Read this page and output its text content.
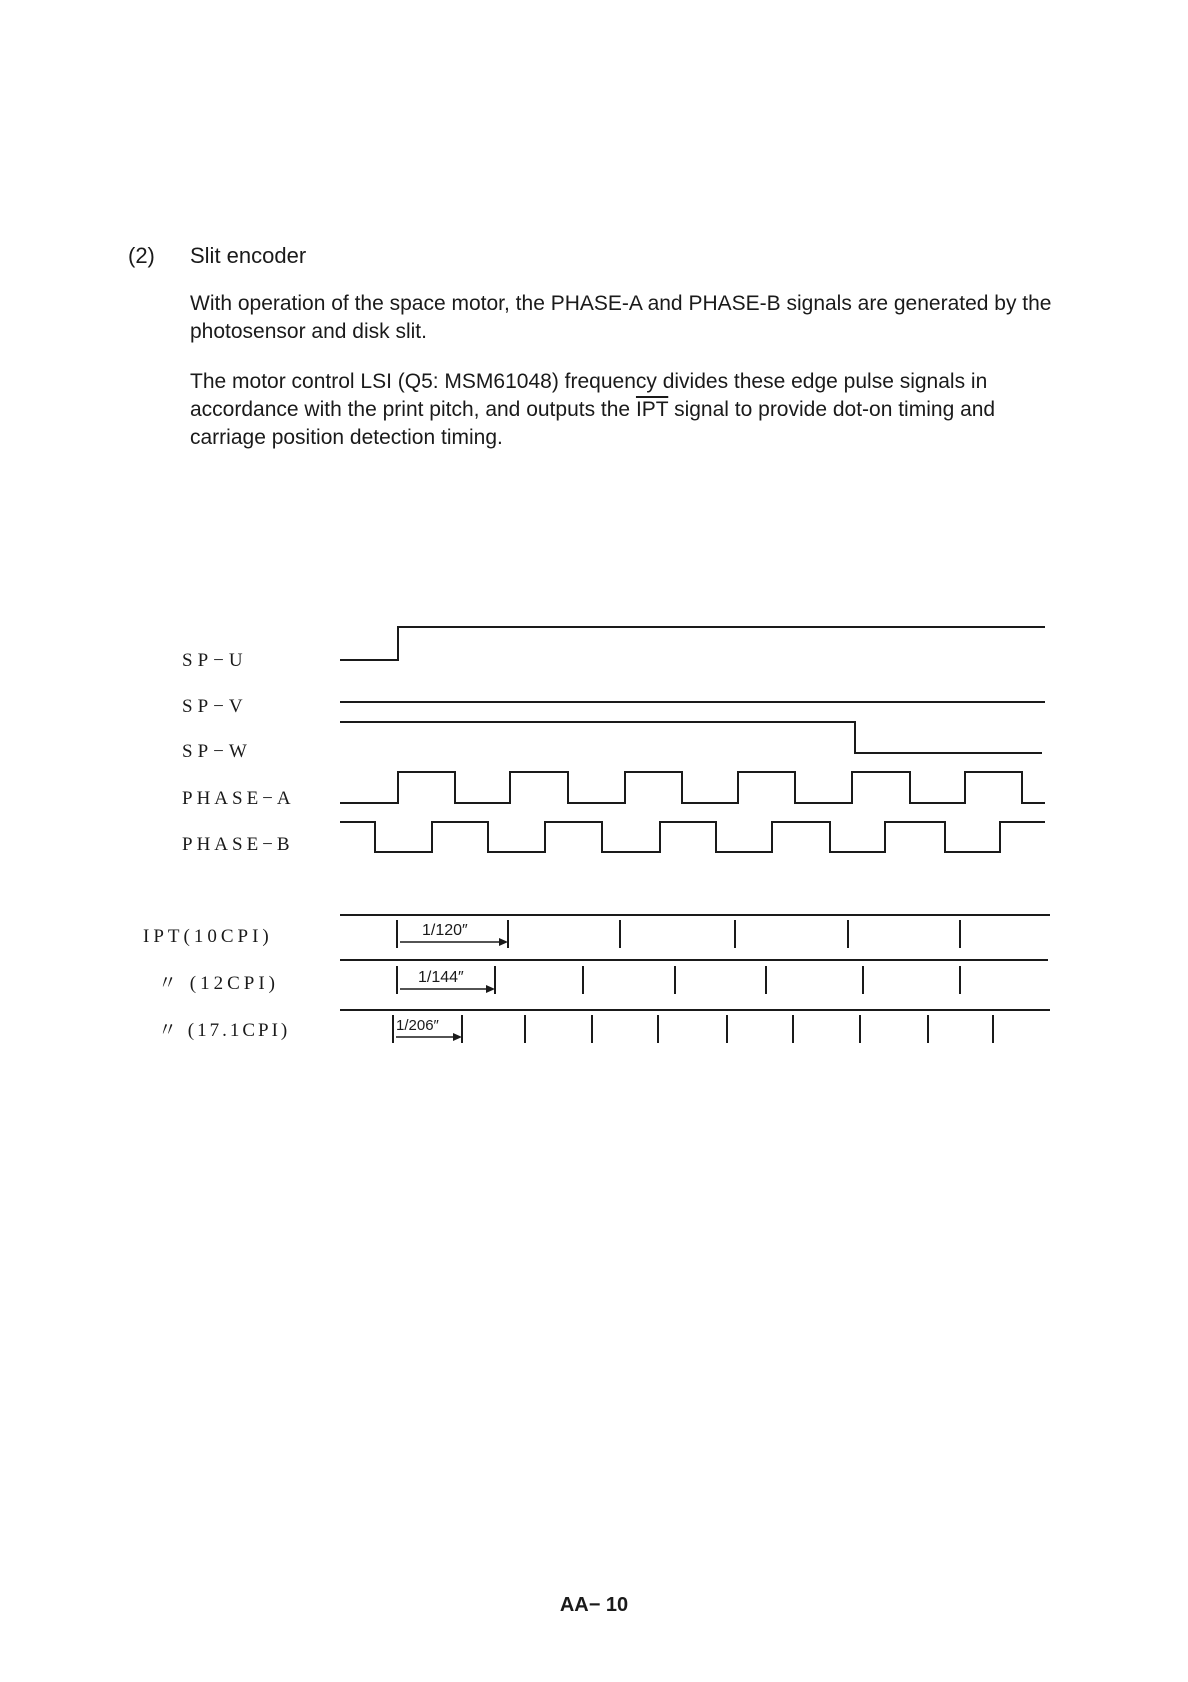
(2) Slit encoder

With operation of the space motor, the PHASE-A and PHASE-B signals are generated by the photosensor and disk slit.

The motor control LSI (Q5: MSM61048) frequency divides these edge pulse signals in accordance with the print pitch, and outputs the $\overline{IPT}$ signal to provide dot-on timing and carriage position detection timing.

SP−U
SP−V
SP−W
PHASE−A
PHASE−B
IPT(10CPI)
〃 (12CPI)
〃 (17.1CPI)
1/120″
1/144″
1/206″
AA− 10
